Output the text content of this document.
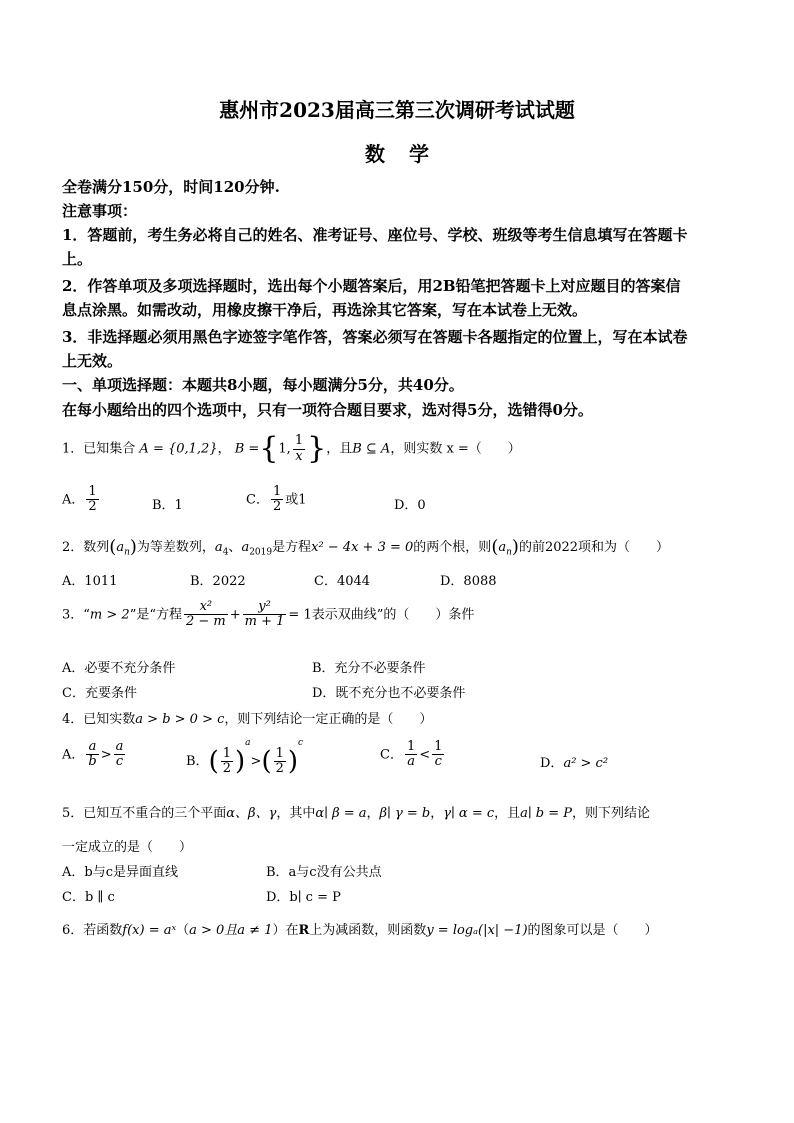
惠州市2023届高三第三次调研考试试题
数学
全卷满分150分，时间120分钟.
注意事项：
1．答题前，考生务必将自己的姓名、准考证号、座位号、学校、班级等考生信息填写在答题卡
上。
2．作答单项及多项选择题时，选出每个小题答案后，用2B铅笔把答题卡上对应题目的答案信
息点涂黑。如需改动，用橡皮擦干净后，再选涂其它答案，写在本试卷上无效。
3．非选择题必须用黑色字迹签字笔作答，答案必须写在答题卡各题指定的位置上，写在本试卷
上无效。
一、单项选择题：本题共8小题，每小题满分5分，共40分。
在每小题给出的四个选项中，只有一项符合题目要求，选对得5分，选错得0分。
1．已知集合 A = {0,1,2}， B ={1, $\frac{1}{x}$ }，且B ⊆ A，则实数 x =（　　）
A． $\frac{1}{2}$	B．1	C． $\frac{1}{2}$ 或1	D．0
2．数列$(a_n)$为等差数列，$a_4$、$a_{2019}$是方程x² − 4x + 3 = 0的两个根，则$(a_n)$的前2022项和为（　　）
A．1011	B．2022	C．4044	D．8088
3．“m > 2”是“方程 $\frac{\text{x²}}{2 - m} + \frac{\text{y²}}{m + 1} = 1$表示双曲线”的（　　）条件
A．必要不充分条件	B．充分不必要条件
C．充要条件	D．既不充分也不必要条件
4．已知实数a > b > 0 > c，则下列结论一定正确的是（　　）
A． $\frac{a}{b} > \frac{a}{c}$	B．( $\frac{1}{2} )^a>( \frac{1}{2} )^c$
C． $\frac{1}{a} < \frac{1}{c}$	D．a² > c²
5．已知互不重合的三个平面α、β、γ，其中α∣ β = a，β∣ γ = b，γ∣ α = c，且a∣ b = P，则下列结论
一定成立的是（　　）
A．b与c是异面直线	B．a与c没有公共点
C．b ∥ c	D．b∣ c = P
6．若函数f(x) = aˣ（a > 0且a ≠ 1）在R上为减函数，则函数y = logₐ(|x| −1)的图象可以是（　　）
